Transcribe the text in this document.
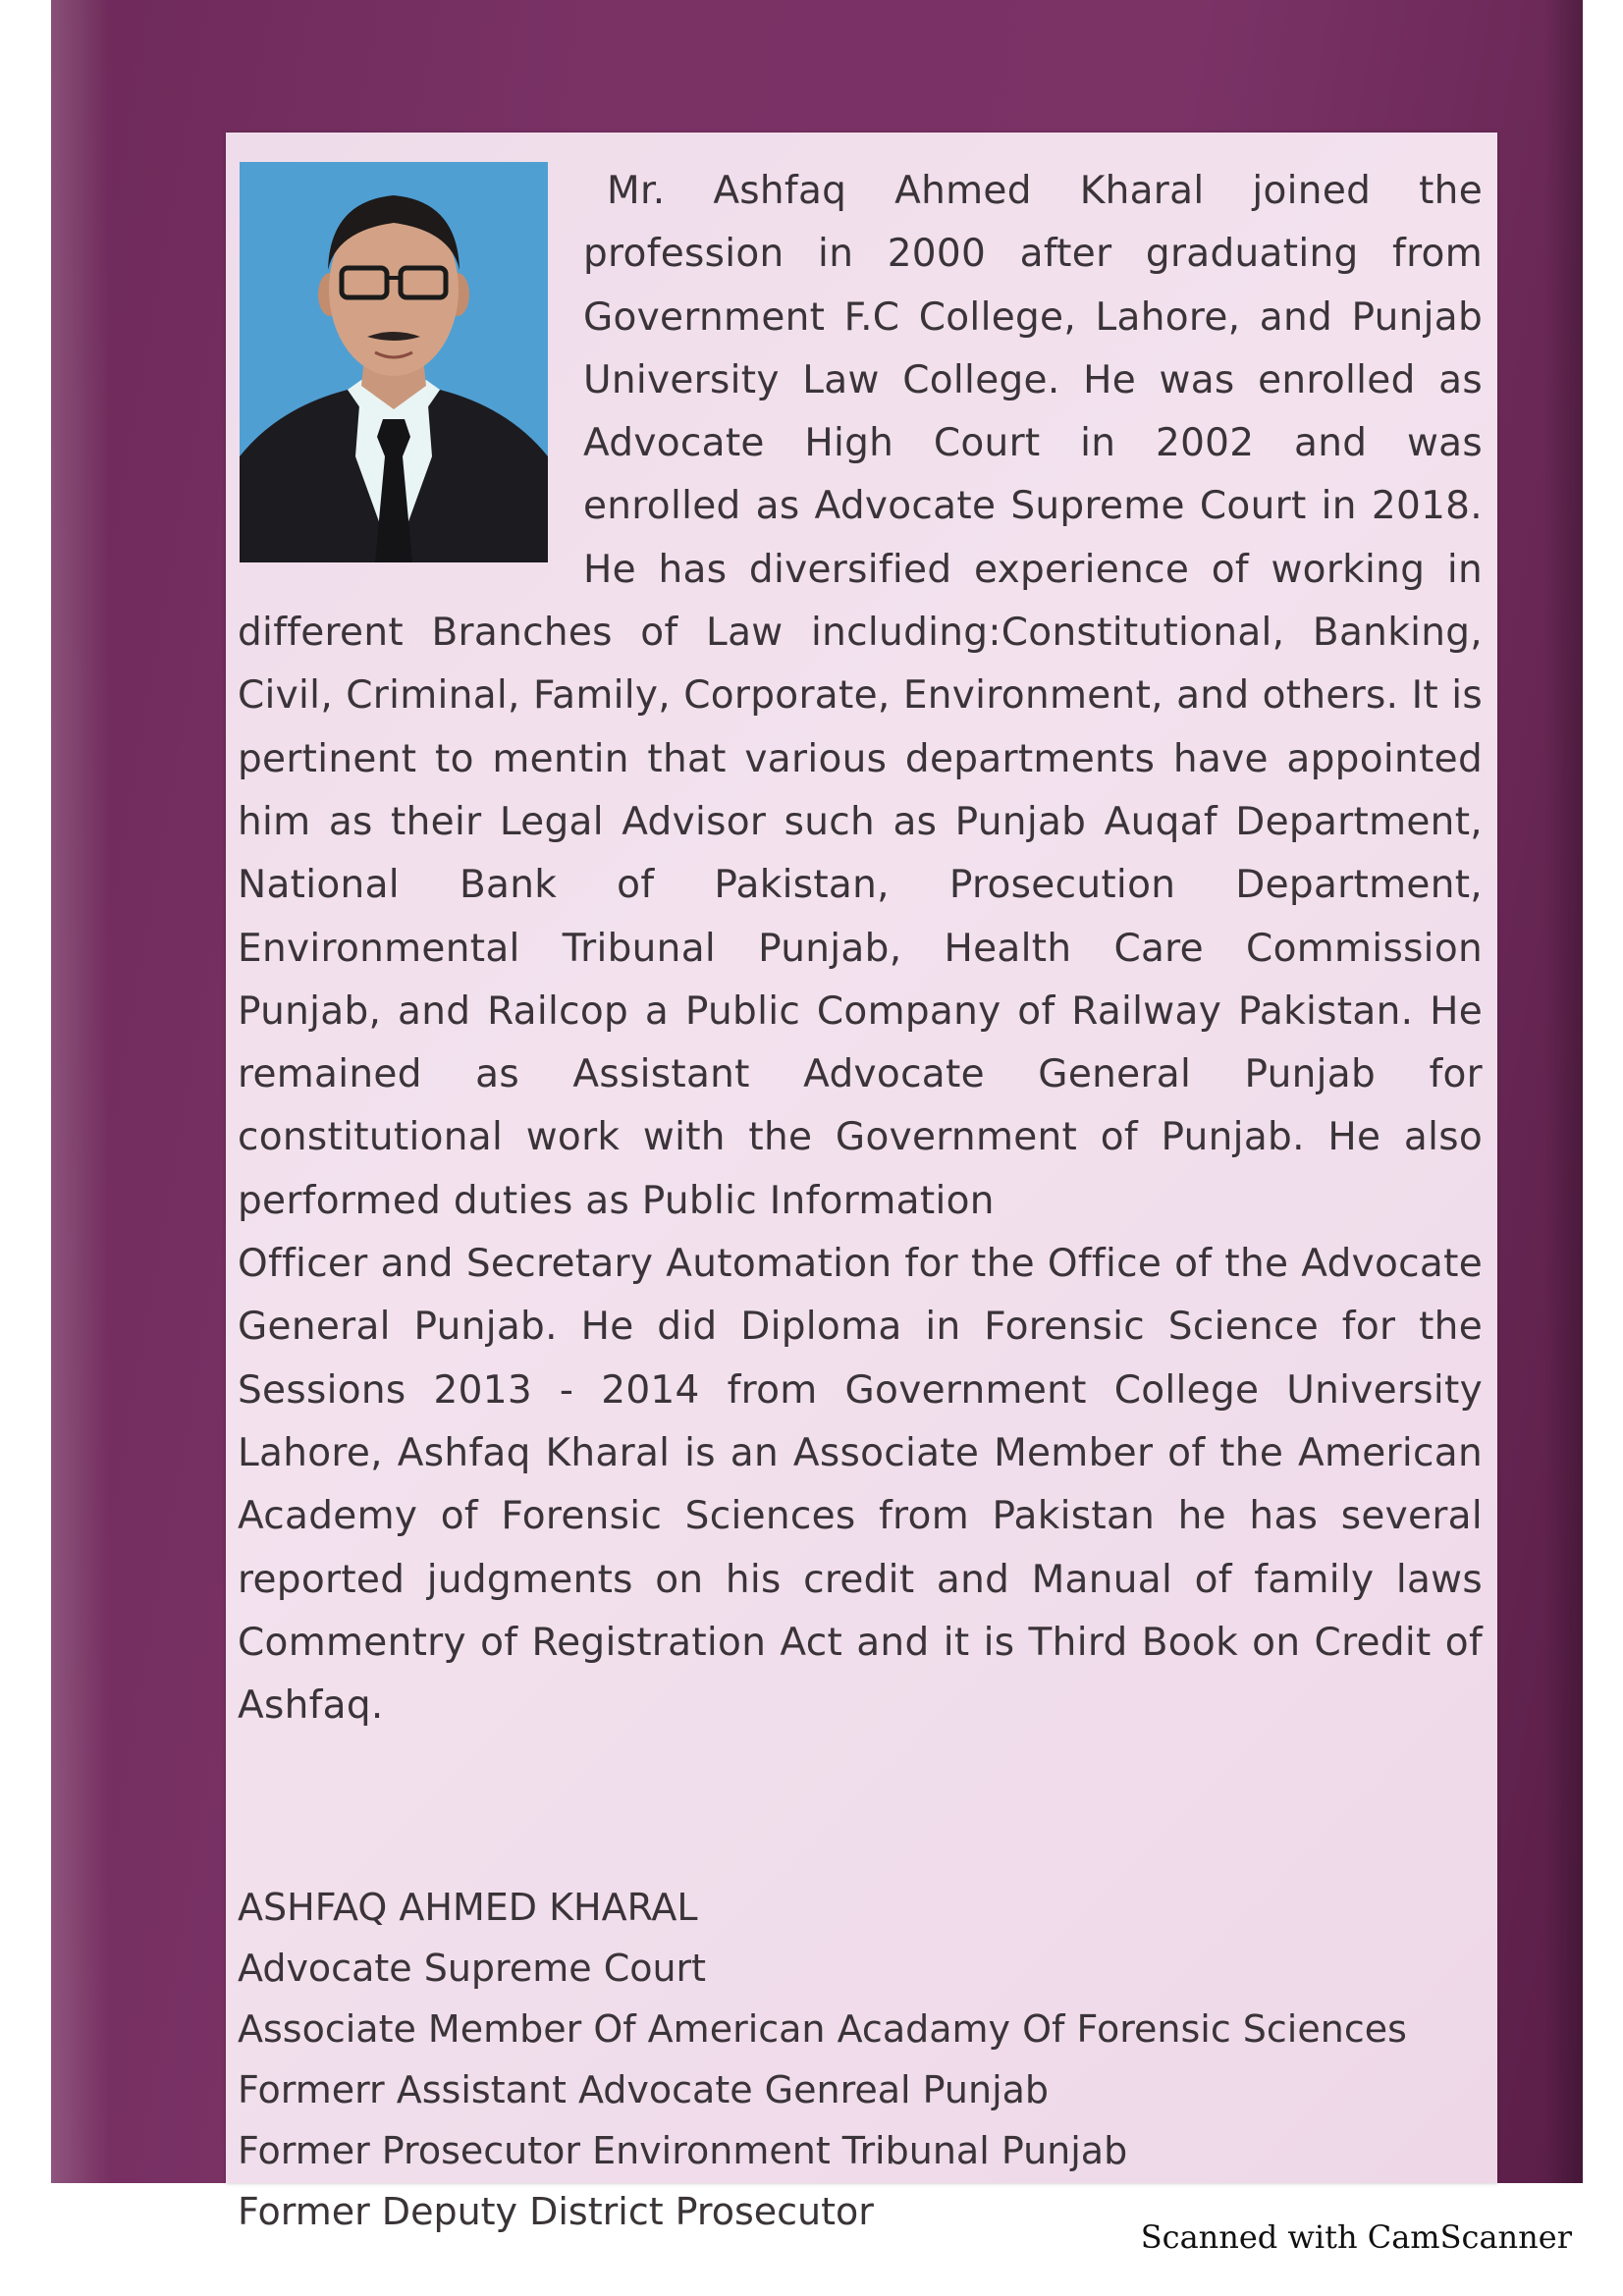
Mr. Ashfaq Ahmed Kharal joined the profession in 2000 after graduating from Government F.C College, Lahore, and Punjab University Law College. He was enrolled as Advocate High Court in 2002 and was enrolled as Advocate Supreme Court in 2018. He has diversified experience of working in different Branches of Law including:Constitutional, Banking, Civil, Criminal, Family, Corporate, Environment, and others. It is pertinent to mentin that various departments have appointed him as their Legal Advisor such as Punjab Auqaf Department, National Bank of Pakistan, Prosecution Department, Environmental Tribunal Punjab, Health Care Commission Punjab, and Railcop a Public Company of Railway Pakistan. He remained as Assistant Advocate General Punjab for constitutional work with the Government of Punjab. He also performed duties as Public Information

Officer and Secretary Automation for the Office of the Advocate General Punjab. He did Diploma in Forensic Science for the Sessions 2013 - 2014 from Government College University Lahore, Ashfaq Kharal is an Associate Member of the American Academy of Forensic Sciences from Pakistan he has several reported judgments on his credit and Manual of family laws Commentry of Registration Act and it is Third Book on Credit of Ashfaq.

ASHFAQ AHMED KHARAL
Advocate Supreme Court
Associate Member Of American Acadamy Of Forensic Sciences
Formerr Assistant Advocate Genreal Punjab
Former Prosecutor Environment Tribunal Punjab
Former Deputy District Prosecutor
Scanned with CamScanner
